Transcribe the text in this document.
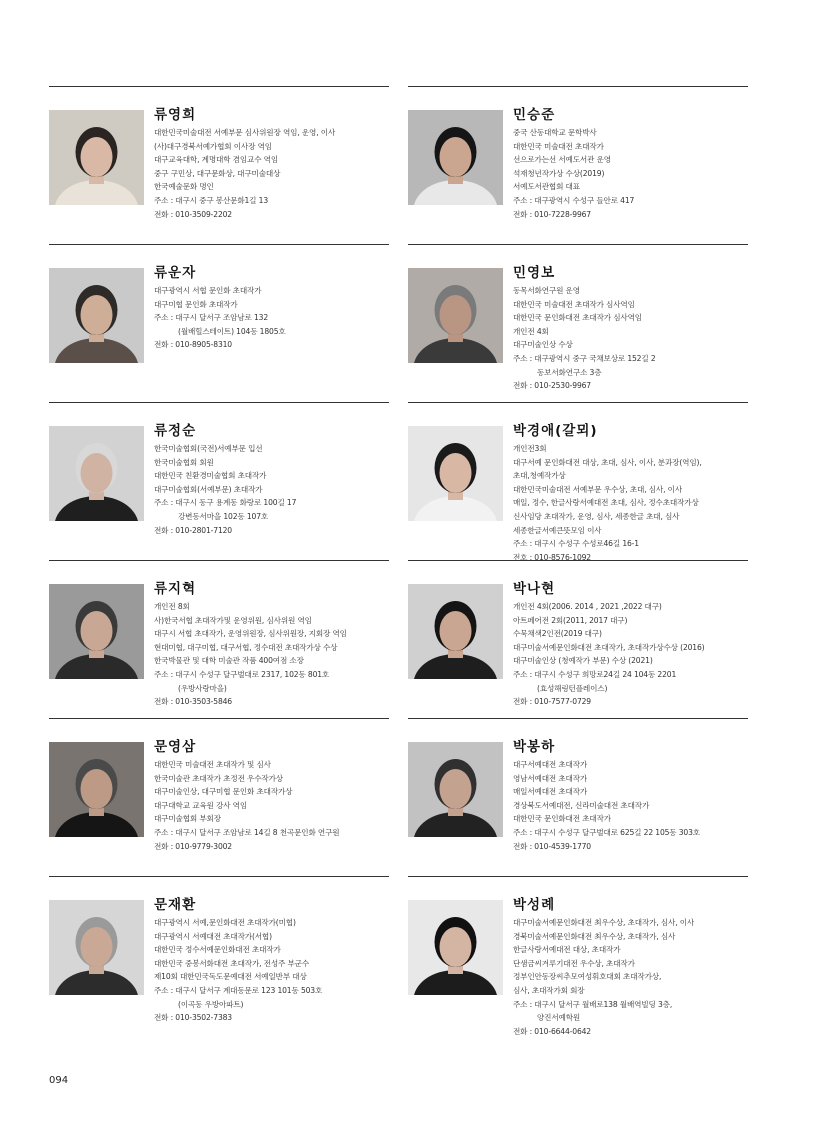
류영희
대한민국미술대전 서예부문 심사위원장 역임, 운영, 이사
(사)대구경북서예가협회 이사장 역임
대구교육대학, 계명대학 겸임교수 역임
중구 구민상, 대구문화상, 대구미술대상
한국예술문화 명인
주소 : 대구시 중구 봉산문화1길 13
전화 : 010-3509-2202
류운자
대구광역시 서협 문인화 초대작가
대구미협 문인화 초대작가
주소 : 대구시 달서구 조암남로 132
(월배힐스테이트) 104동 1805호
전화 : 010-8905-8310
류정순
한국미술협회(국전)서예부문 입선
한국미술협회 회원
대한민국 친환경미술협회 초대작가
대구미술협회(서예부문) 초대작가
주소 : 대구시 동구 용계동 화랑로 100길 17
강변동서마을 102동 107호
전화 : 010-2801-7120
류지혁
개인전 8회
사)한국서협 초대작가및 운영위원, 심사위원 역임
대구시 서협 초대작가, 운영위원장, 심사위원장, 지회장 역임
현대미협, 대구미협, 대구서협, 정수대전 초대작가상 수상
한국박물관 및 대학 미술관 작품 400여점 소장
주소 : 대구시 수성구 달구벌대로 2317, 102동 801호
(우방사랑마을)
전화 : 010-3503-5846
문영삼
대한민국 미술대전 초대작가 및 심사
한국미술관 초대작가 초정전 우수작가상
대구미술인상, 대구미협 문인화 초대작가상
대구대학교 교육원 강사 역임
대구미술협회 부회장
주소 : 대구시 달서구 조암남로 14길 8 천곡문인화 연구원
전화 : 010-9779-3002
문재환
대구광역시 서예,문인화대전 초대작가(미협)
대구광역시 서예대전 초대작가(서협)
대한민국 정수서예문인화대전 초대작가
대한민국 중봉서화대전 초대작가, 전성주 부군수
제10회 대한민국독도문예대전 서예일반부 대상
주소 : 대구시 달서구 계대동문로 123 101동 503호
(이곡동 우방아파트)
전화 : 010-3502-7383
민승준
중국 산동대학교 문학박사
대한민국 미술대전 초대작가
선으로가는선 서예도서관 운영
석재청년작가상 수상(2019)
서예도서관협회 대표
주소 : 대구광역시 수성구 들안로 417
전화 : 010-7228-9967
민영보
동목서화연구원 운영
대한민국 미술대전 초대작가 심사역임
대한민국 문인화대전 초대작가 심사역임
개인전 4회
대구미술인상 수상
주소 : 대구광역시 중구 국채보상로 152길 2
동보서화연구소 3층
전화 : 010-2530-9967
박경애(갈뫼)
개인전3회
대구서예 문인화대전 대상, 초대, 심사, 이사, 분과장(역임),
초대,청예작가상
대한민국미술대전 서예부문 우수상, 초대, 심사, 이사
매일, 정수, 한글사랑서예대전 초대, 심사, 정수초대작가상
신사임당 초대작가, 운영, 심사, 세종한글 초대, 심사
세종한글서예큰뜻모임 이사
주소 : 대구시 수성구 수성로46길 16-1
전호 : 010-8576-1092
박나현
개인전 4회(2006. 2014 , 2021 ,2022 대구)
아트페어전 2회(2011, 2017 대구)
수묵채색2인전(2019 대구)
대구미술서예문인화대전 초대작가, 초대작가상수상 (2016)
대구미술인상 (청예작가 부문) 수상 (2021)
주소 : 대구시 수성구 희망로24길 24 104동 2201
(효성해링턴플레이스)
전화 : 010-7577-0729
박봉하
대구서예대전 초대작가
영남서예대전 초대작가
매일서예대전 초대작가
경상북도서예대전, 신라미술대전 초대작가
대한민국 문인화대전 초대작가
주소 : 대구시 수성구 달구벌대로 625길 22 105동 303호
전화 : 010-4539-1770
박성례
대구미술서예문인화대전 최우수상, 초대작가, 심사, 이사
경북미술서예문인화대전 최우수상, 초대작가, 심사
한글사랑서예대전 대상, 초대작가
단샘금씨겨루기대전 우수상, 초대작가
정부인안동장씨추모여성휘호대회 초대작가상,
심사, 초대작가회 회장
주소 : 대구시 달서구 월배로138 월배역빌딩 3층,
양진서예학원
전화 : 010-6644-0642
094
